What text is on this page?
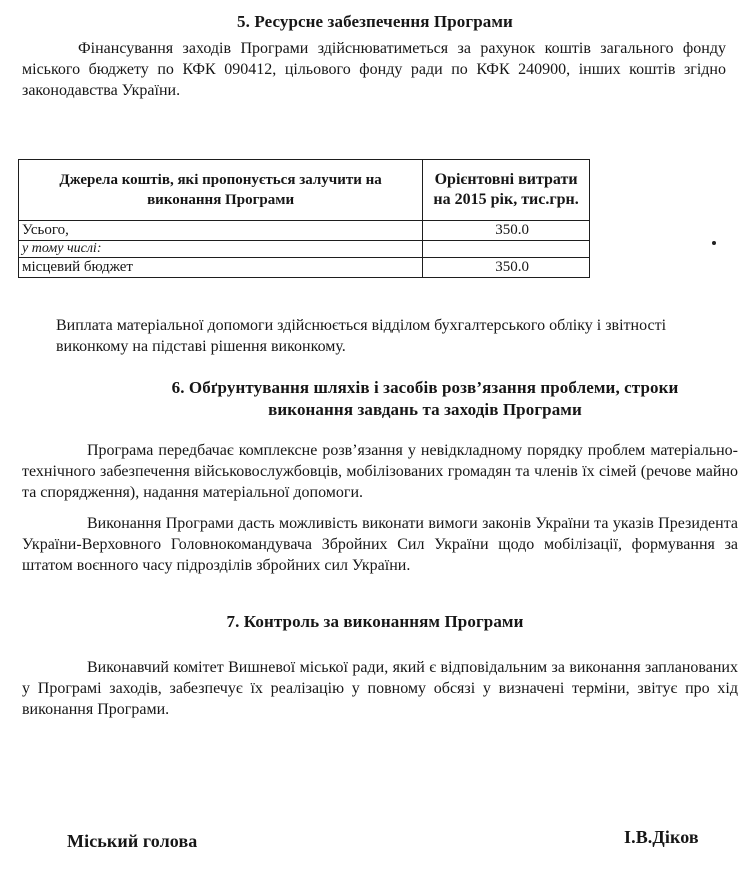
5. Ресурсне забезпечення Програми
Фінансування заходів Програми здійснюватиметься за рахунок коштів загального фонду міського бюджету по КФК 090412, цільового фонду ради по КФК 240900, інших коштів згідно законодавства України.
Джерела коштів, які пропонується залучити на виконання Програми	Орієнтовні витрати на 2015 рік, тис.грн.
Усього,	350.0
у тому числі:	
місцевий бюджет	350.0
Виплата матеріальної допомоги здійснюється відділом бухгалтерського обліку і звітності виконкому на підставі рішення виконкому.
6. Обґрунтування шляхів і засобів розв’язання проблеми, строки виконання завдань та заходів Програми
Програма передбачає комплексне розв’язання у невідкладному порядку проблем матеріально-технічного забезпечення військовослужбовців, мобілізованих громадян та членів їх сімей (речове майно та спорядження), надання матеріальної допомоги.
Виконання Програми дасть можливість виконати вимоги законів України та указів Президента України-Верховного Головнокомандувача Збройних Сил України щодо мобілізації, формування за штатом воєнного часу підрозділів збройних сил України.
7. Контроль за виконанням Програми
Виконавчий комітет Вишневої міської ради, який є відповідальним за виконання запланованих у Програмі заходів, забезпечує їх реалізацію у повному обсязі у визначені терміни, звітує про хід виконання Програми.
Міський голова	І.В.Діков
